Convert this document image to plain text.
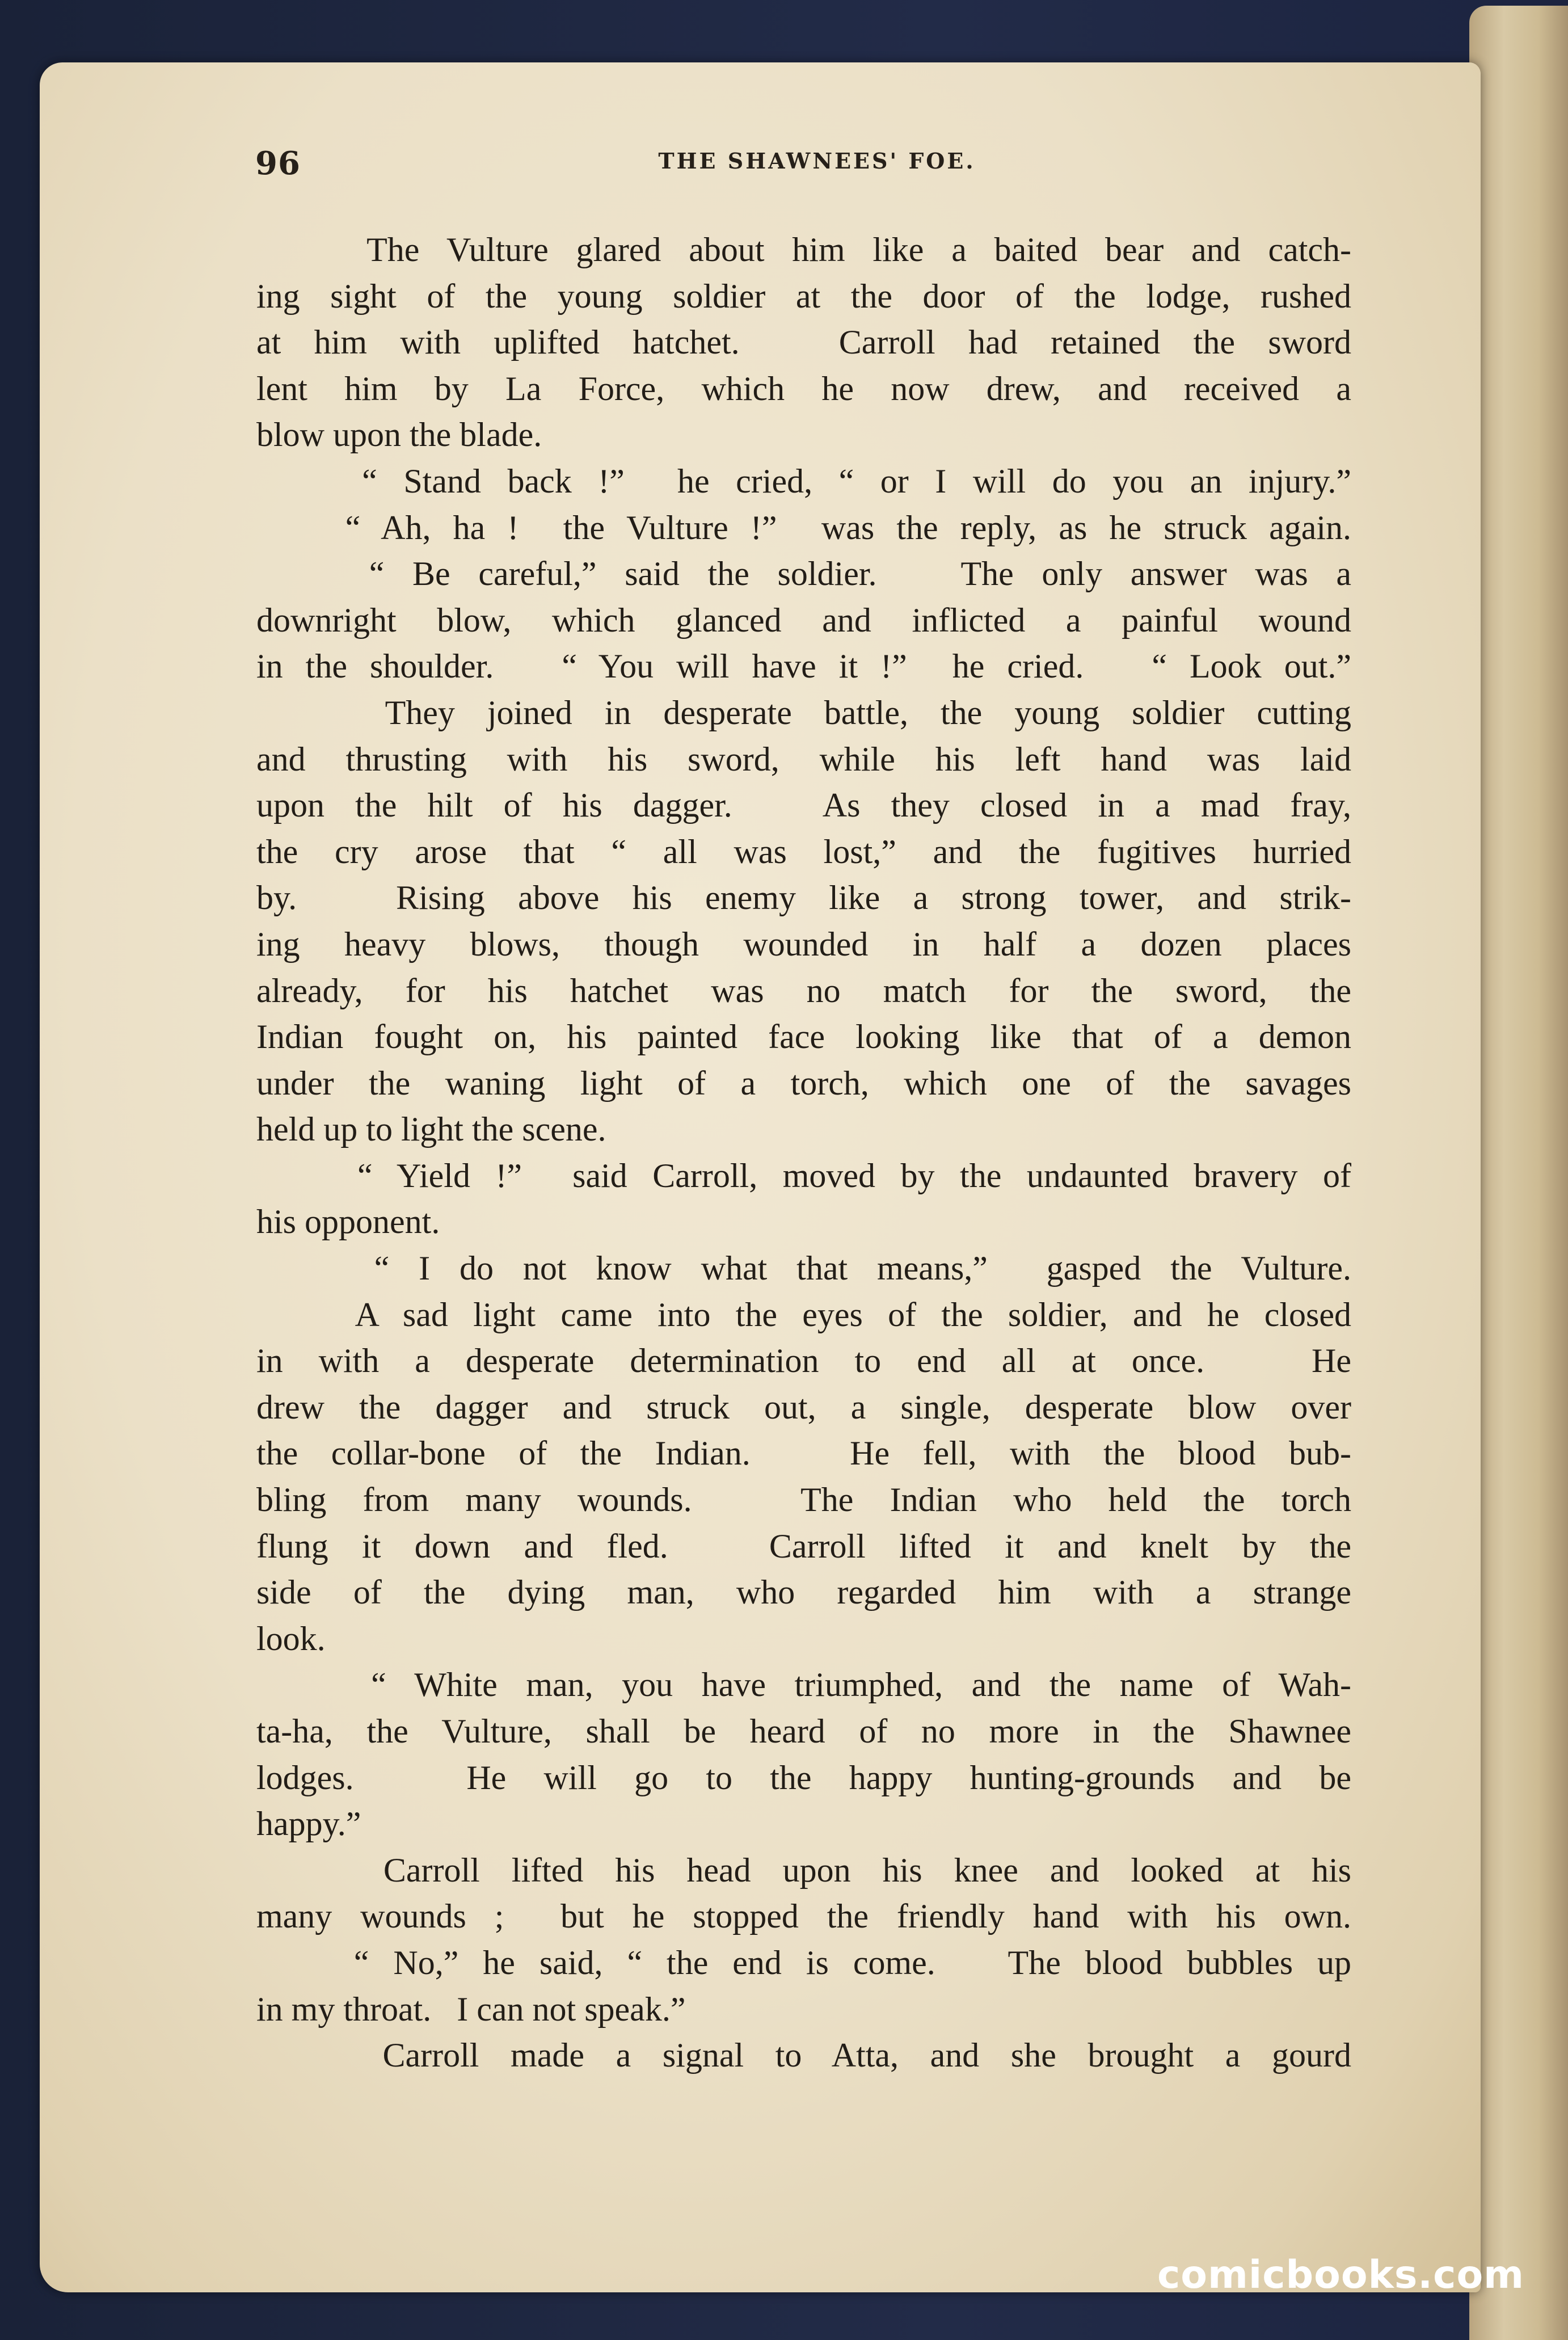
96	THE SHAWNEES' FOE.
The Vulture glared about him like a baited bear and catch-
ing sight of the young soldier at the door of the lodge, rushed
at him with uplifted hatchet.   Carroll had retained the sword
lent him by La Force, which he now drew, and received a
blow upon the blade.
“ Stand back !”  he cried, “ or I will do you an injury.”
“ Ah, ha !  the Vulture !”  was the reply, as he struck again.
“ Be careful,” said the soldier.   The only answer was a
downright blow, which glanced and inflicted a painful wound
in the shoulder.   “ You will have it !”  he cried.   “ Look out.”
They joined in desperate battle, the young soldier cutting
and thrusting with his sword, while his left hand was laid
upon the hilt of his dagger.   As they closed in a mad fray,
the cry arose that “ all was lost,” and the fugitives hurried
by.   Rising above his enemy like a strong tower, and strik-
ing heavy blows, though wounded in half a dozen places
already, for his hatchet was no match for the sword, the
Indian fought on, his painted face looking like that of a demon
under the waning light of a torch, which one of the savages
held up to light the scene.
“ Yield !”  said Carroll, moved by the undaunted bravery of
his opponent.
“ I do not know what that means,”  gasped the Vulture.
A sad light came into the eyes of the soldier, and he closed
in with a desperate determination to end all at once.   He
drew the dagger and struck out, a single, desperate blow over
the collar-bone of the Indian.   He fell, with the blood bub-
bling from many wounds.   The Indian who held the torch
flung it down and fled.   Carroll lifted it and knelt by the
side of the dying man, who regarded him with a strange
look.
“ White man, you have triumphed, and the name of Wah-
ta-ha, the Vulture, shall be heard of no more in the Shawnee
lodges.   He will go to the happy hunting-grounds and be
happy.”
Carroll lifted his head upon his knee and looked at his
many wounds ;  but he stopped the friendly hand with his own.
“ No,” he said, “ the end is come.   The blood bubbles up
in my throat.   I can not speak.”
Carroll made a signal to Atta, and she brought a gourd
comicbooks.com
